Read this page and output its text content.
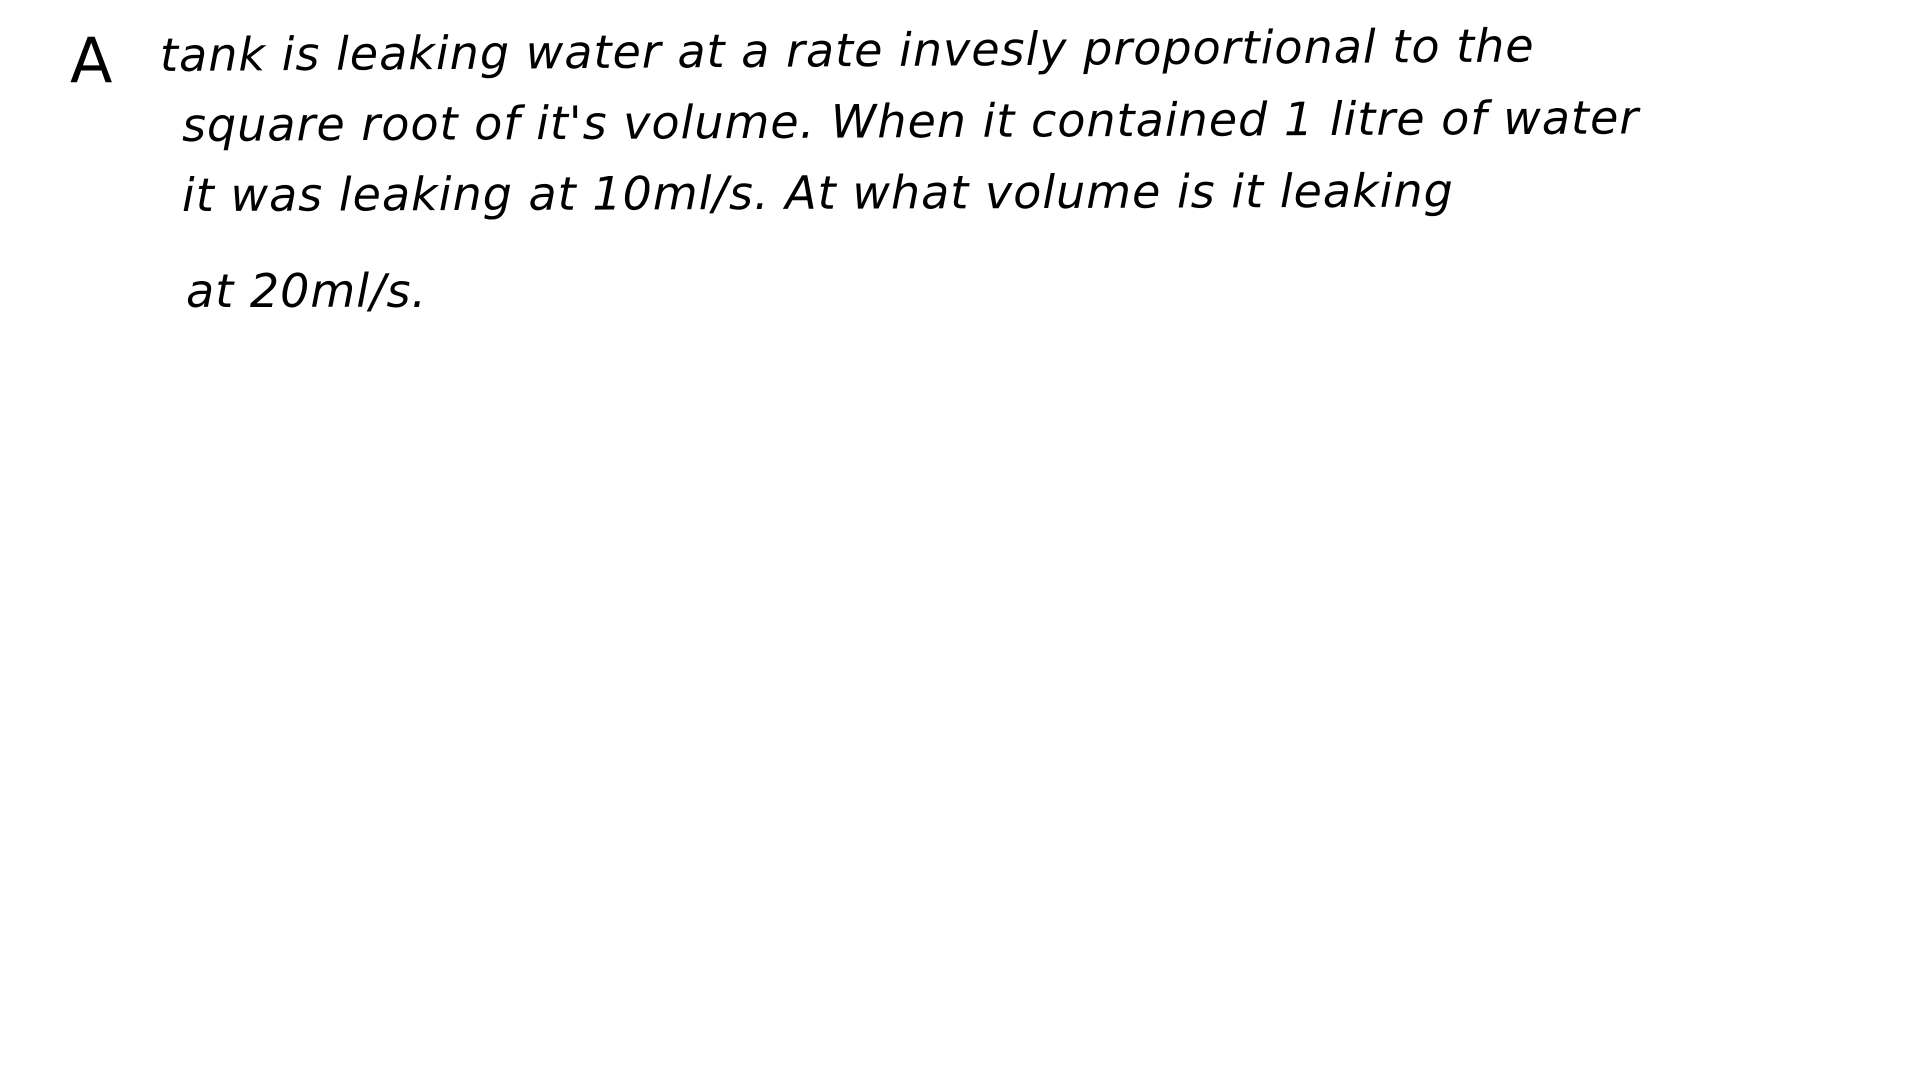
A tank is leaking water at a rate invesly proportional to the
square root of it's volume. When it contained 1 litre of water
it was leaking at 10ml/s. At what volume is it leaking
at 20ml/s.
